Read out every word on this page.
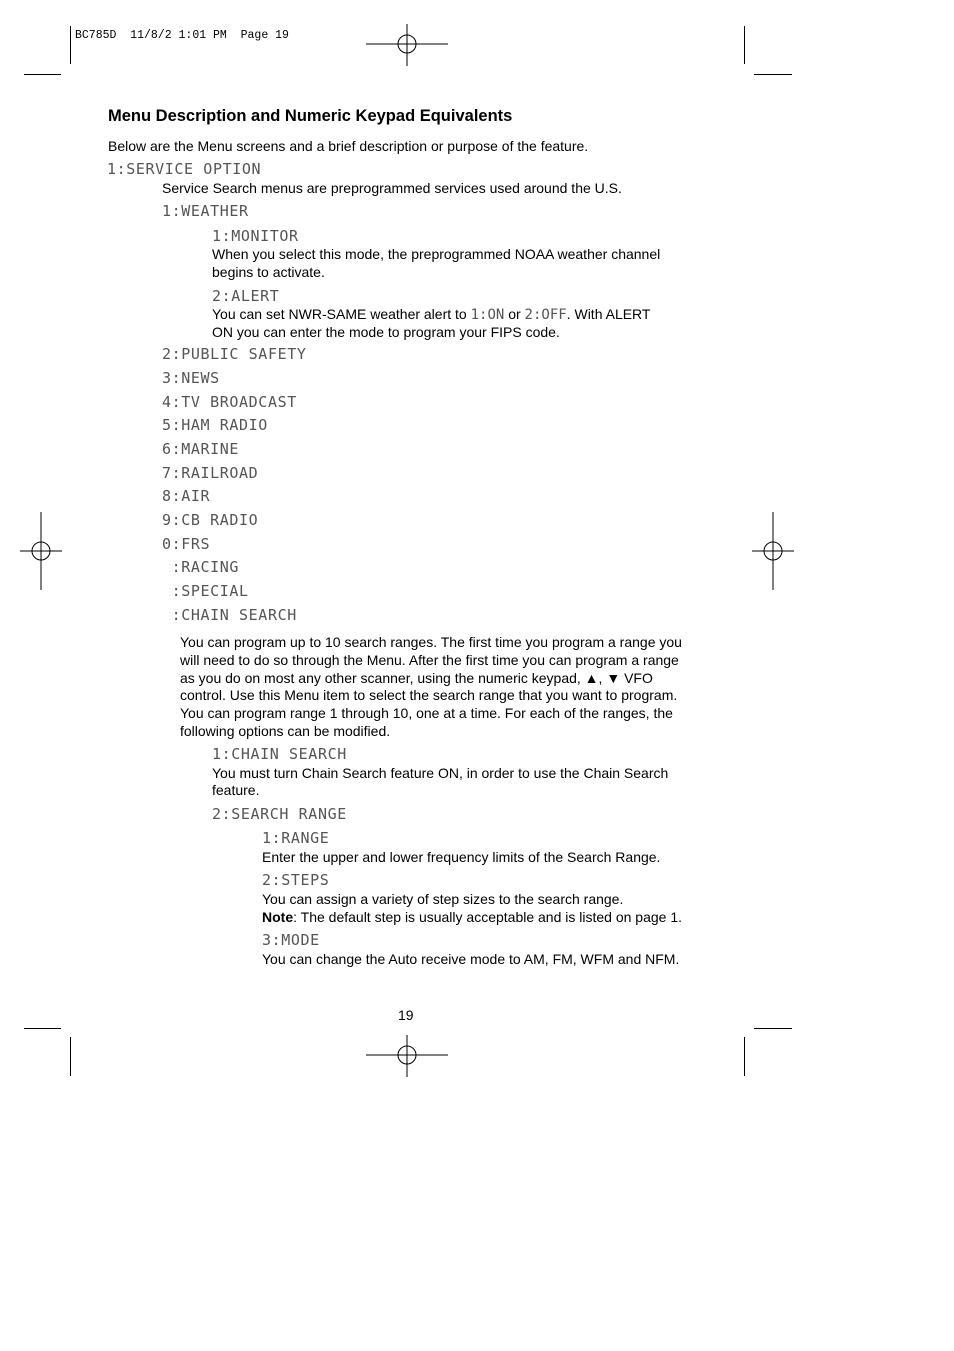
BC785D  11/8/2 1:01 PM  Page 19
Menu Description and Numeric Keypad Equivalents
Below are the Menu screens and a brief description or purpose of the feature.
1:SERVICE OPTION
Service Search menus are preprogrammed services used around the U.S.
1:WEATHER
1:MONITOR
When you select this mode, the preprogrammed NOAA weather channel
begins to activate.
2:ALERT
You can set NWR-SAME weather alert to 1:ON or 2:OFF. With ALERT
ON you can enter the mode to program your FIPS code.
2:PUBLIC SAFETY
3:NEWS
4:TV BROADCAST
5:HAM RADIO
6:MARINE
7:RAILROAD
8:AIR
9:CB RADIO
0:FRS
:RACING
:SPECIAL
:CHAIN SEARCH
You can program up to 10 search ranges. The first time you program a range you
will need to do so through the Menu. After the first time you can program a range
as you do on most any other scanner, using the numeric keypad, ▲, ▼ VFO
control. Use this Menu item to select the search range that you want to program.
You can program range 1 through 10, one at a time. For each of the ranges, the
following options can be modified.
1:CHAIN SEARCH
You must turn Chain Search feature ON, in order to use the Chain Search
feature.
2:SEARCH RANGE
1:RANGE
Enter the upper and lower frequency limits of the Search Range.
2:STEPS
You can assign a variety of step sizes to the search range.
Note: The default step is usually acceptable and is listed on page 1.
3:MODE
You can change the Auto receive mode to AM, FM, WFM and NFM.
19
